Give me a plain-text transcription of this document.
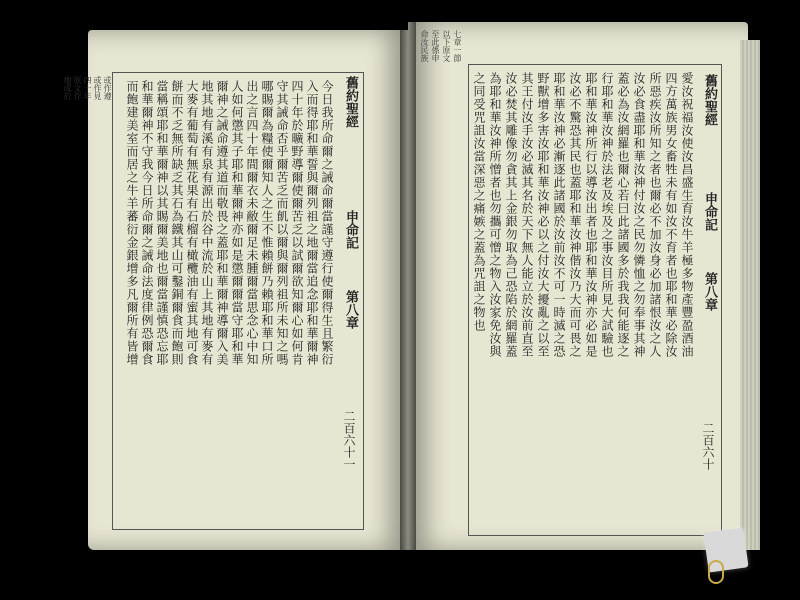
舊約聖經
申命記
第八章
二百六十一
今日我所命爾之誡命爾當謹守遵行使爾得生且繁衍
入而得耶和華誓與爾列祖之地爾當追念耶和華爾神
四十年於曠野導爾使爾苦乏以試爾欲知爾心如何肯
守其誡命否乎爾苦乏而飢以爾與爾列祖所未知之嗎
哪賜爾為糧使爾知人之生不惟賴餅乃賴耶和華口所
出之言四十年間爾衣未敝爾足未腫爾當思念心中知
人如何懲其子耶和華爾神亦如是懲爾爾當守耶和華
爾神之誡命遵其道而敬畏之蓋耶和華爾神導爾入美
地其地有溪有泉有源出於谷中流於山上其地有麥有
大麥有葡萄有無花果有石榴有橄欖油有蜜其地可食
餅而不乏無所缺乏其石為鐵其山可鑿銅爾食而飽則
當稱頌耶和華爾神以其賜爾美地也爾當謹慎恐忘耶
和華爾神不守我今日所命爾之誡命法度律例恐爾食
而飽建美室而居之牛羊蕃衍金銀增多凡爾所有皆增
或作遵
或作見
四十年
原文作
地成於	舊約聖經
申命記
第八章
二百六十
愛汝祝福汝使汝昌盛生育汝牛羊極多物產豐盈酒油
四方萬族男女畜牲未有如汝不育者也耶和華必除汝
所惡疾汝所知之者也爾必不加汝身必加諸恨汝之人
汝必食盡耶和華汝神付汝之民勿憐恤之勿奉事其神
蓋必為汝網羅也爾心若曰此諸國多於我我何能逐之
行耶和華汝神於法老及埃及之事汝目所見大試驗也
耶和華汝神所行以導汝出者也耶和華汝神亦必如是
汝必不驚恐其民也蓋耶和華汝神偕汝乃大而可畏之
耶和華汝神必漸逐此諸國於汝前汝不可一時滅之恐
野獸增多害汝耶和華汝神必以之付汝大擾亂之以至
其王付汝手汝必滅其名於天下無人能立於汝前直至
汝必焚其雕像勿貪其上金銀勿取為己恐陷於網羅蓋
為耶和華汝神所憎者也勿攜可憎之物入汝家免汝與
之同受咒詛汝當深惡之痛嫉之蓋為咒詛之物也
七章一節
以下原文
至此係申
命汝民族
